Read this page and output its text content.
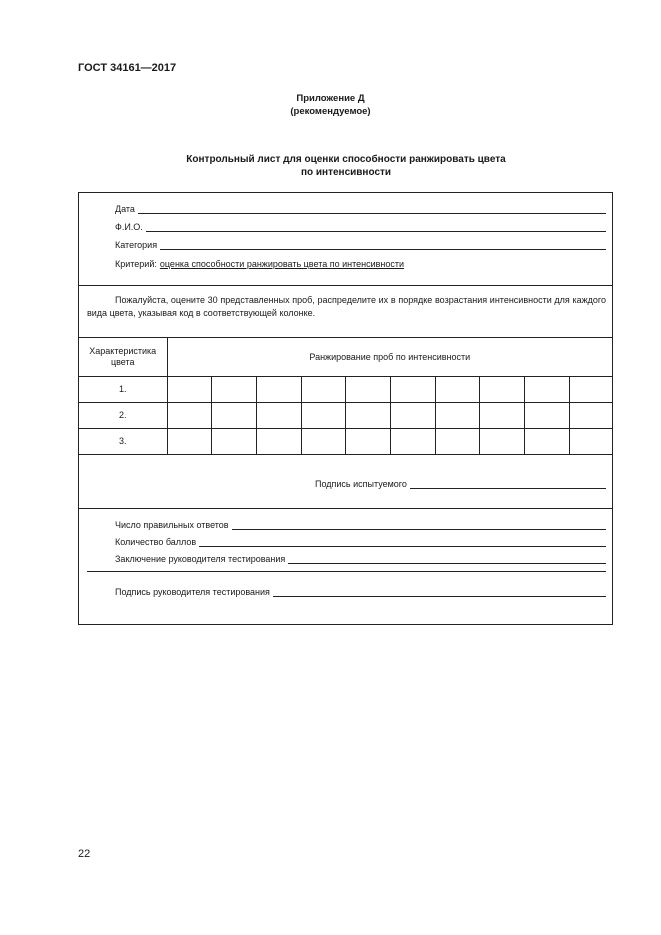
ГОСТ 34161—2017
Приложение Д
(рекомендуемое)
Контрольный лист для оценки способности ранжировать цвета
по интенсивности
Дата
Ф.И.О.
Категория
Критерий: оценка способности ранжировать цвета по интенсивности
Пожалуйста, оцените 30 представленных проб, распределите их в порядке возрастания интенсивности для каждого вида цвета, указывая код в соответствующей колонке.
Характеристика цвета	Ранжирование проб по интенсивности									
1.										
2.										
3.										
Подпись испытуемого
Число правильных ответов
Количество баллов
Заключение руководителя тестирования
Подпись руководителя тестирования
22
